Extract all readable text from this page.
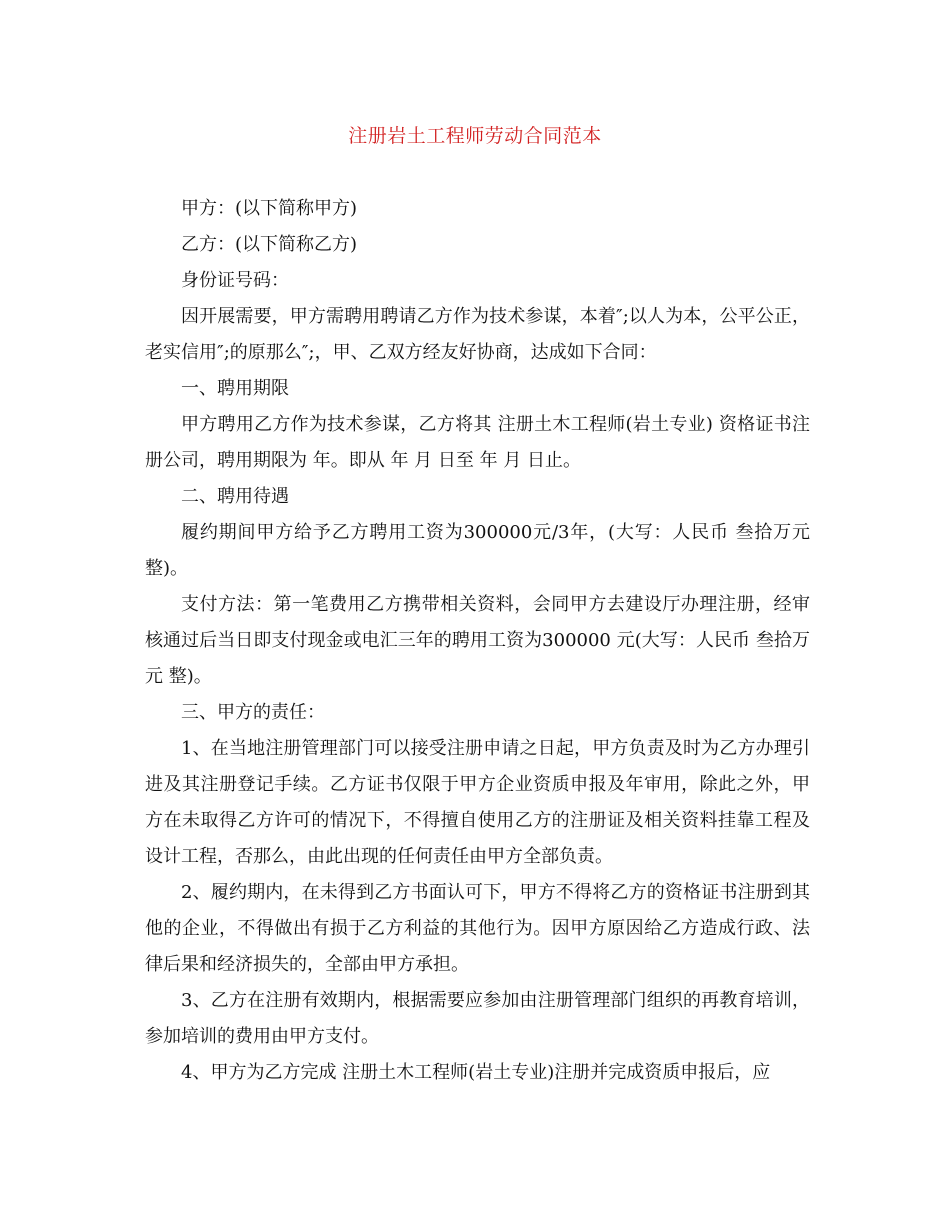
注册岩土工程师劳动合同范本

甲方：(以下简称甲方)

乙方：(以下简称乙方)

身份证号码：

因开展需要，甲方需聘用聘请乙方作为技术参谋，本着″;以人为本，公平公正，老实信用″;的原那么″;，甲、乙双方经友好协商，达成如下合同：

一、聘用期限

甲方聘用乙方作为技术参谋，乙方将其 注册土木工程师(岩土专业) 资格证书注册公司，聘用期限为 年。即从 年 月 日至 年 月 日止。

二、聘用待遇

履约期间甲方给予乙方聘用工资为300000元/3年，(大写：人民币 叁拾万元 整)。

支付方法：第一笔费用乙方携带相关资料，会同甲方去建设厅办理注册，经审核通过后当日即支付现金或电汇三年的聘用工资为300000 元(大写：人民币 叁拾万元 整)。

三、甲方的责任：

1、在当地注册管理部门可以接受注册申请之日起，甲方负责及时为乙方办理引进及其注册登记手续。乙方证书仅限于甲方企业资质申报及年审用，除此之外，甲方在未取得乙方许可的情况下，不得擅自使用乙方的注册证及相关资料挂靠工程及设计工程，否那么，由此出现的任何责任由甲方全部负责。

2、履约期内，在未得到乙方书面认可下，甲方不得将乙方的资格证书注册到其他的企业，不得做出有损于乙方利益的其他行为。因甲方原因给乙方造成行政、法律后果和经济损失的，全部由甲方承担。

3、乙方在注册有效期内，根据需要应参加由注册管理部门组织的再教育培训，参加培训的费用由甲方支付。

4、甲方为乙方完成 注册土木工程师(岩土专业)注册并完成资质申报后，应
